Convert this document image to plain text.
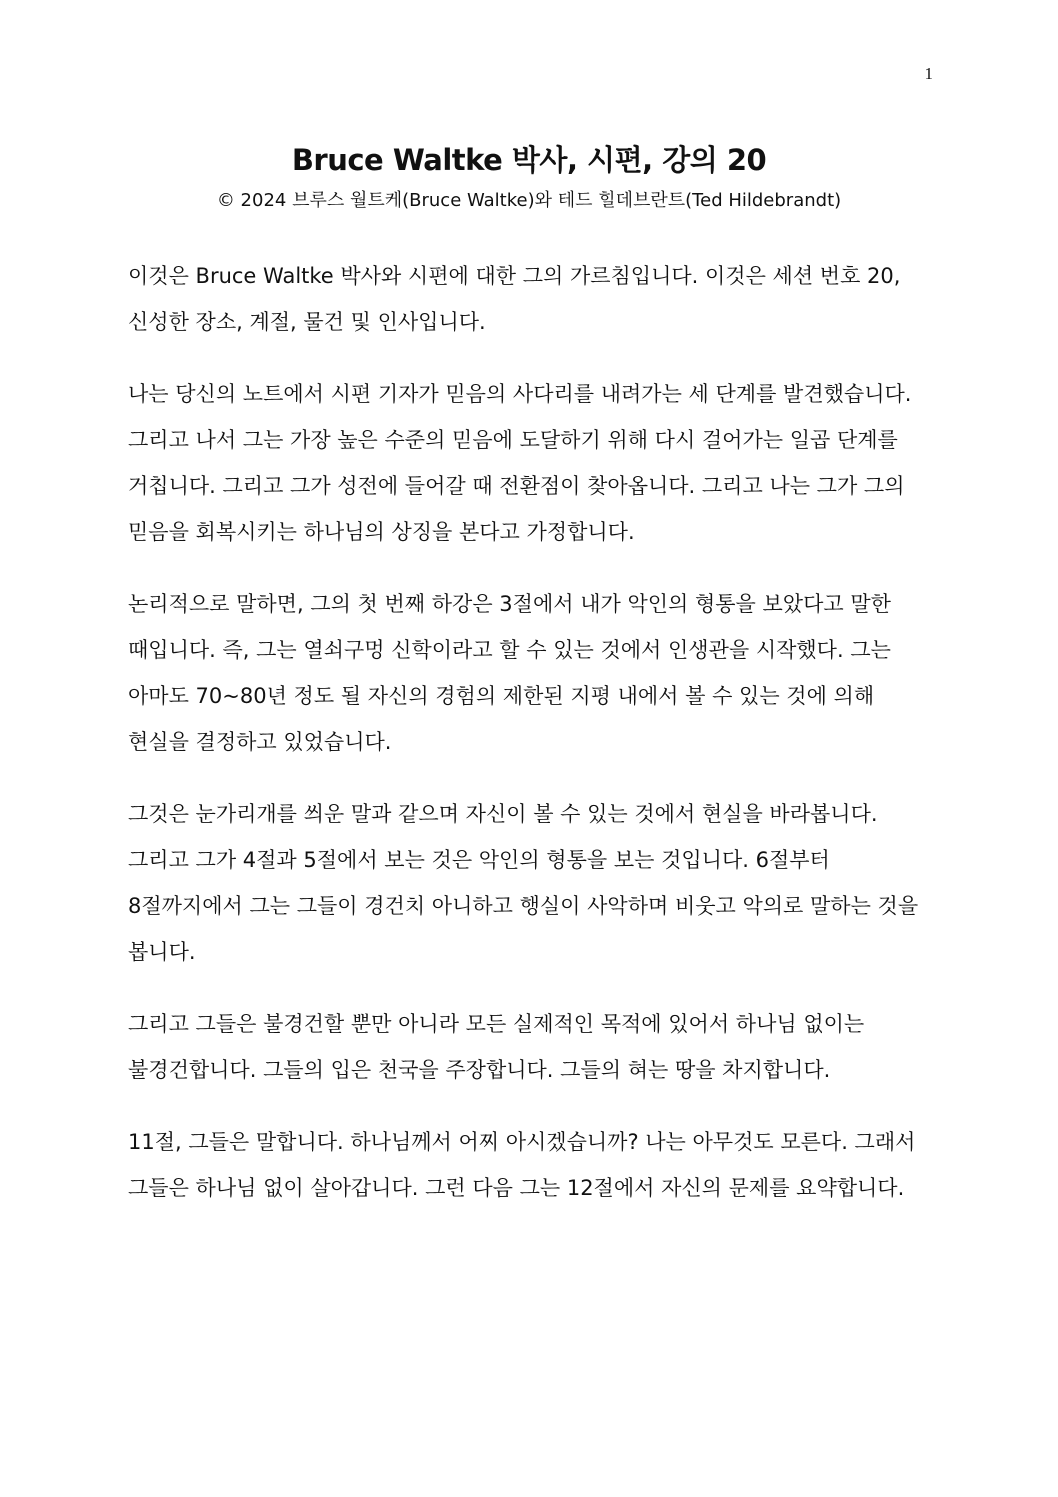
1
Bruce Waltke 박사, 시편, 강의 20

© 2024 브루스 월트케(Bruce Waltke)와 테드 힐데브란트(Ted Hildebrandt)

이것은 Bruce Waltke 박사와 시편에 대한 그의 가르침입니다. 이것은 세션 번호 20, 신성한 장소, 계절, 물건 및 인사입니다.

나는 당신의 노트에서 시편 기자가 믿음의 사다리를 내려가는 세 단계를 발견했습니다. 그리고 나서 그는 가장 높은 수준의 믿음에 도달하기 위해 다시 걸어가는 일곱 단계를 거칩니다. 그리고 그가 성전에 들어갈 때 전환점이 찾아옵니다. 그리고 나는 그가 그의 믿음을 회복시키는 하나님의 상징을 본다고 가정합니다.

논리적으로 말하면, 그의 첫 번째 하강은 3절에서 내가 악인의 형통을 보았다고 말한 때입니다. 즉, 그는 열쇠구멍 신학이라고 할 수 있는 것에서 인생관을 시작했다. 그는 아마도 70~80년 정도 될 자신의 경험의 제한된 지평 내에서 볼 수 있는 것에 의해 현실을 결정하고 있었습니다.

그것은 눈가리개를 씌운 말과 같으며 자신이 볼 수 있는 것에서 현실을 바라봅니다. 그리고 그가 4절과 5절에서 보는 것은 악인의 형통을 보는 것입니다. 6절부터 8절까지에서 그는 그들이 경건치 아니하고 행실이 사악하며 비웃고 악의로 말하는 것을 봅니다.

그리고 그들은 불경건할 뿐만 아니라 모든 실제적인 목적에 있어서 하나님 없이는 불경건합니다. 그들의 입은 천국을 주장합니다. 그들의 혀는 땅을 차지합니다.

11절, 그들은 말합니다. 하나님께서 어찌 아시겠습니까? 나는 아무것도 모른다. 그래서 그들은 하나님 없이 살아갑니다. 그런 다음 그는 12절에서 자신의 문제를 요약합니다.
